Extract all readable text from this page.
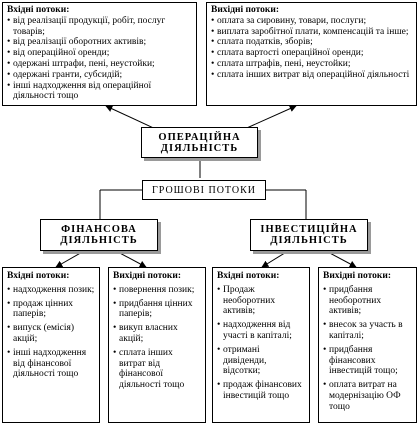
Вхідні потоки:
• від реалізації продукції, робіт, послуг товарів;
• від реалізації оборотних активів;
• від операційної оренди;
• одержані штрафи, пені, неустойки;
• одержані гранти, субсидій;
• інші надходження від операційної діяльності тощо
Вихідні потоки:
• оплата за сировину, товари, послуги;
• виплата заробітної плати, компенсацій та інше;
• сплата податків, зборів;
• сплата вартості операційної оренди;
• сплата штрафів, пені, неустойки;
• сплата інших витрат від операційної діяльності
ОПЕРАЦІЙНА
ДІЯЛЬНІСТЬ
ГРОШОВІ ПОТОКИ
ФІНАНСОВА
ДІЯЛЬНІСТЬ
ІНВЕСТИЦІЙНА
ДІЯЛЬНІСТЬ
Вхідні потоки:
• надходження позик;
• продаж цінних паперів;
• випуск (емісія) акцій;
• інші надходження від фінансової діяльності тощо
Вихідні потоки:
• повернення позик;
• придбання цінних паперів;
• викуп власних акцій;
• сплата інших витрат від фінансової діяльності тощо
Вхідні потоки:
• Продаж необоротних активів;
• надходження від участі в капіталі;
• отримані дивіденди, відсотки;
• продаж фінансових інвестицій тощо
Вихідні потоки:
• придбання необоротних активів;
• внесок за участь в капіталі;
• придбання фінансових інвестицій тощо;
• оплата витрат на модернізацію ОФ тощо
